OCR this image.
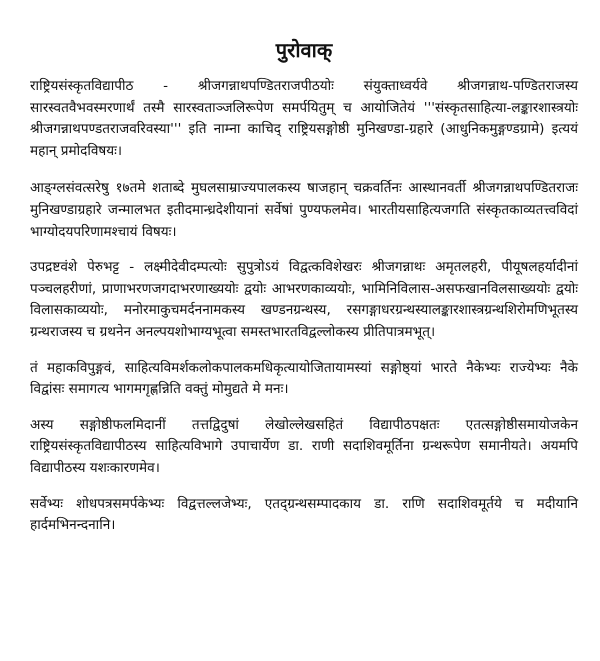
पुरोवाक्
राष्ट्रियसंस्कृतविद्यापीठ - श्रीजगन्नाथपण्डितराजपीठयोः संयुक्ताध्वर्यवे श्रीजगन्नाथ-पण्डितराजस्य सारस्वतवैभवस्मरणार्थं तस्मै सारस्वताञ्जलिरूपेण समर्पयितुम् च आयोजितेयं '''संस्कृतसाहित्या-लङ्कारशास्त्रयोः श्रीजगन्नाथपण्डतराजवरिवस्या''' इति नाम्ना काचिद् राष्ट्रियसङ्गोष्ठी मुनिखण्डा-ग्रहारे (आधुनिकमुङ्गण्डग्रामे) इत्ययं महान् प्रमोदविषयः।
आङ्ग्लसंवत्सरेषु १७तमे शताब्दे मुघलसाम्राज्यपालकस्य षाजहान् चक्रवर्तिनः आस्थानवर्ती श्रीजगन्नाथपण्डितराजः मुनिखण्डाग्रहारे जन्मालभत इतीदमान्ध्रदेशीयानां सर्वेषां पुण्यफलमेव। भारतीयसाहित्यजगति संस्कृतकाव्यतत्त्वविदां भाग्योदयपरिणामश्चायं विषयः।
उपद्रष्टवंशे पेरुभट्ट - लक्ष्मीदेवीदम्पत्योः सुपुत्रोऽयं विद्वत्कविशेखरः श्रीजगन्नाथः अमृतलहरी, पीयूषलहर्यादीनां पञ्चलहरीणां, प्राणाभरणजगदाभरणाख्ययोः द्वयोः आभरणकाव्ययोः, भामिनिविलास-असफखानविलसाख्ययोः द्वयोः विलासकाव्ययोः, मनोरमाकुचमर्दननामकस्य खण्डनग्रन्थस्य, रसगङ्गाधरग्रन्थस्यालङ्कारशास्त्रग्रन्थशिरोमणिभूतस्य ग्रन्थराजस्य च ग्रथनेन अनल्पयशोभाग्यभूत्वा समस्तभारतविद्वल्लोकस्य प्रीतिपात्रमभूत्।
तं महाकविपुङ्गवं, साहित्यविमर्शकलोकपालकमधिकृत्यायोजितायामस्यां सङ्गोष्ठ्यां भारते नैकेभ्यः राज्येभ्यः नैके विद्वांसः समागत्य भागमगृह्णन्निति वक्तुं मोमुद्यते मे मनः।
अस्य सङ्गोष्ठीफलमिदानीं तत्तद्विदुषां लेखोल्लेखसहितं विद्यापीठपक्षतः एतत्सङ्गोष्ठीसमायोजकेन राष्ट्रियसंस्कृतविद्यापीठस्य साहित्यविभागे उपाचार्येण डा. राणी सदाशिवमूर्तिना ग्रन्थरूपेण समानीयते। अयमपि विद्यापीठस्य यशःकारणमेव।
सर्वेभ्यः शोधपत्रसमर्पकेभ्यः विद्वत्तल्लजेभ्यः, एतद्ग्रन्थसम्पादकाय डा. राणि सदाशिवमूर्तये च मदीयानि हार्दमभिनन्दनानि।
